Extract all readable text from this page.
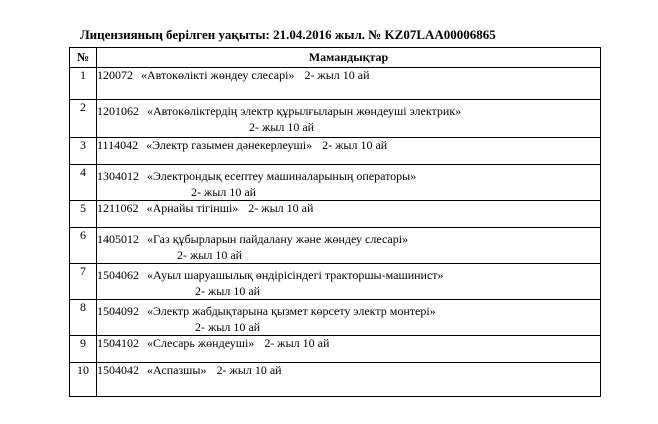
Лицензияның берілген уақыты: 21.04.2016 жыл. № KZ07LAA00006865
№	Мамандықтар
1	120072 «Автокөлікті жөндеу слесарі» 2- жыл 10 ай
2	1201062 «Автокөліктердің электр құрылғыларын жөндеуші электрик»
2- жыл 10 ай

3	1114042 «Электр газымен дәнекерлеуші» 2- жыл 10 ай
4	1304012 «Электрондық есептеу машиналарының операторы»
2- жыл 10 ай

5	1211062 «Арнайы тігінші» 2- жыл 10 ай
6	1405012 «Газ құбырларын пайдалану және жөндеу слесарі»
2- жыл 10 ай

7	1504062 «Ауыл шаруашылық өндірісіндегі тракторшы-машинист»
2- жыл 10 ай

8	1504092 «Электр жабдықтарына қызмет көрсету электр монтері»
2- жыл 10 ай

9	1504102 «Слесарь жөндеуші» 2- жыл 10 ай
10	1504042 «Аспазшы» 2- жыл 10 ай
